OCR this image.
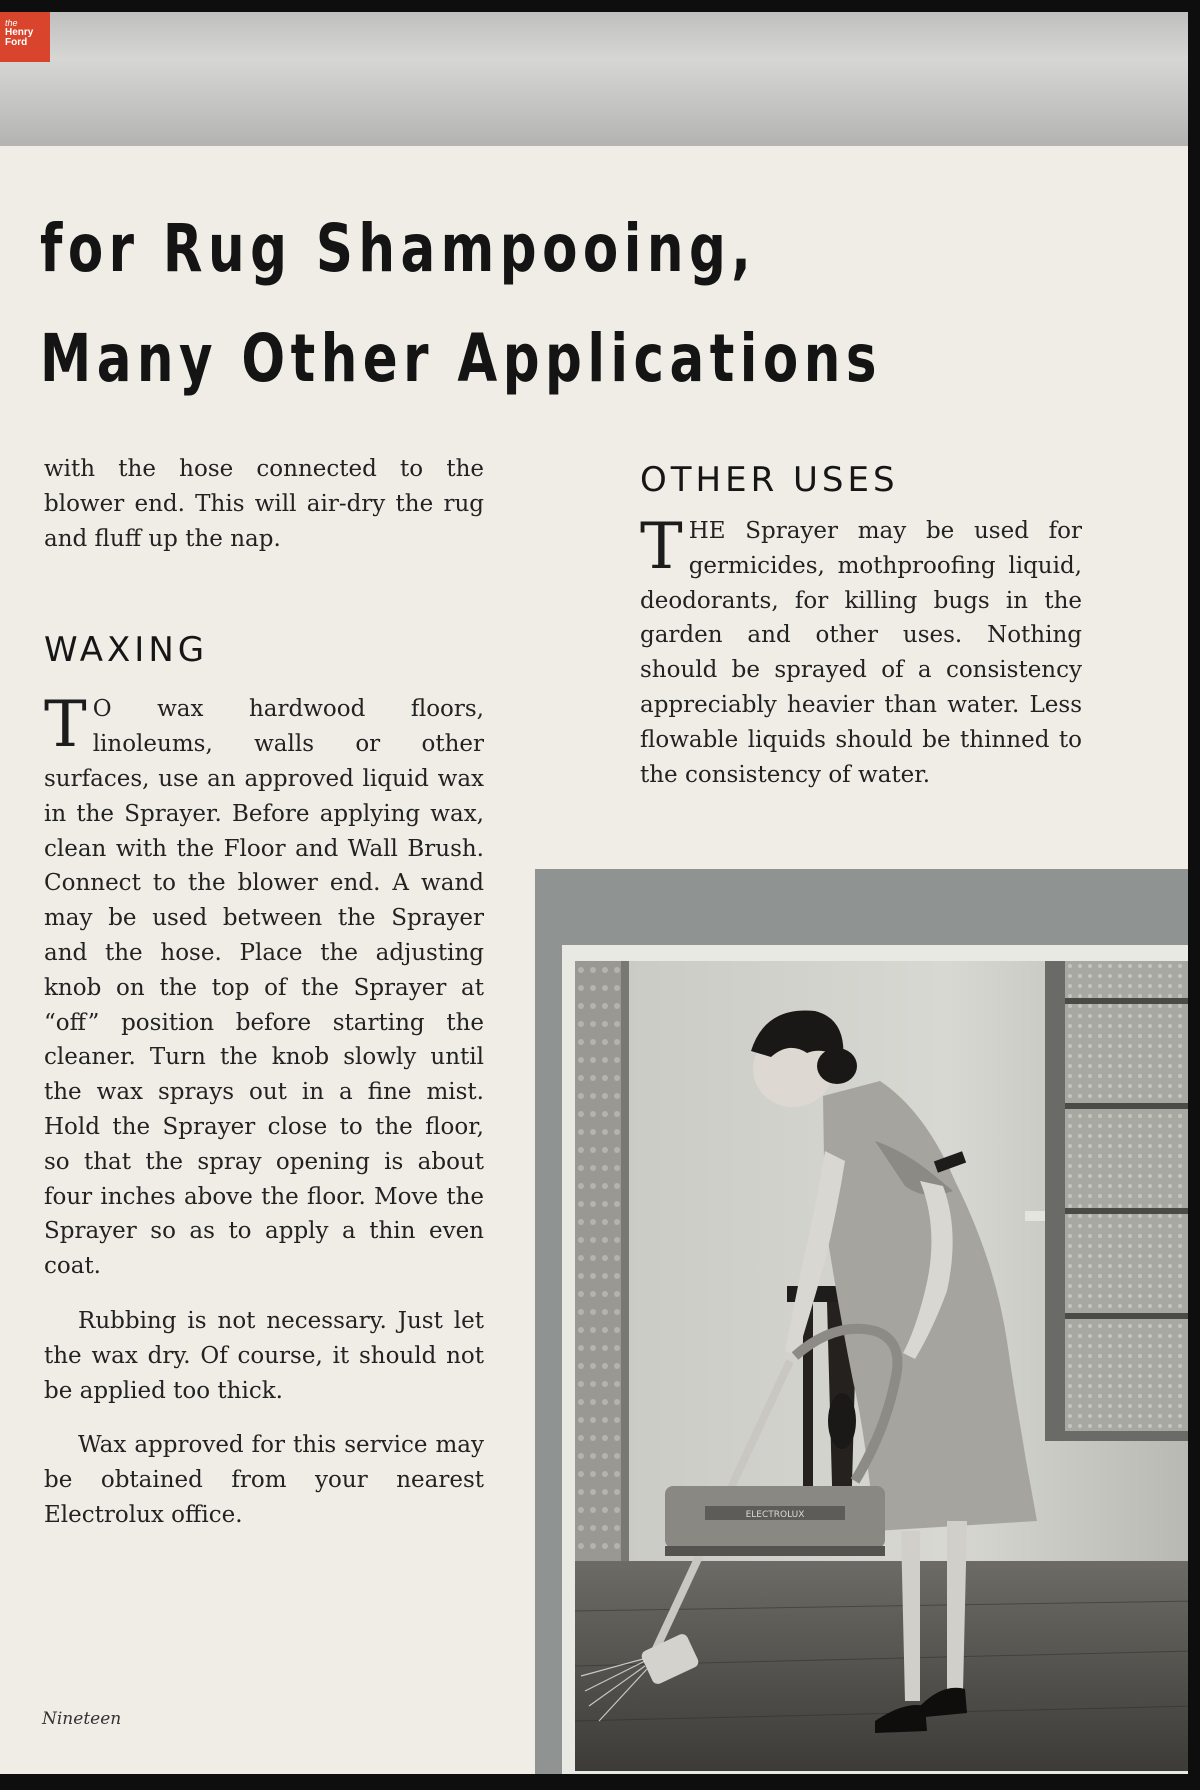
the
Henry
Ford
for Rug Shampooing,
Many Other Applications

with the hose connected to the blower end. This will air-dry the rug and fluff up the nap.

WAXING

T O wax hardwood floors, linoleums, walls or other surfaces, use an approved liquid wax in the Sprayer. Before applying wax, clean with the Floor and Wall Brush. Connect to the blower end. A wand may be used between the Sprayer and the hose. Place the adjusting knob on the top of the Sprayer at “off” position before starting the cleaner. Turn the knob slowly until the wax sprays out in a fine mist. Hold the Sprayer close to the floor, so that the spray opening is about four inches above the floor. Move the Sprayer so as to apply a thin even coat.

Rubbing is not necessary. Just let the wax dry. Of course, it should not be applied too thick.

Wax approved for this service may be obtained from your nearest Electrolux office.

OTHER USES

THE Sprayer may be used for germicides, mothproofing liquid, deodorants, for killing bugs in the garden and other uses. Nothing should be sprayed of a consistency appreciably heavier than water. Less flowable liquids should be thinned to the consistency of water.

ELECTROLUX
Nineteen
